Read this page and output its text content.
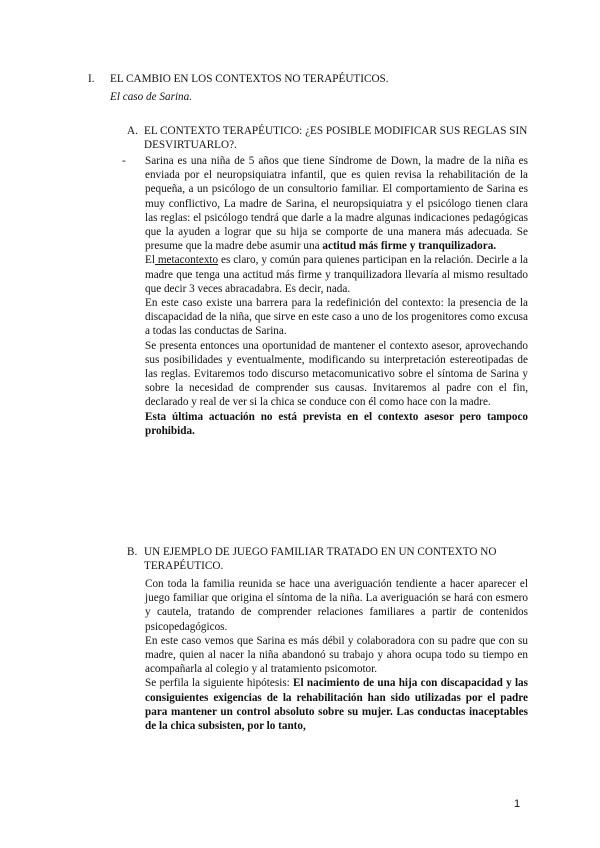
I. EL CAMBIO EN LOS CONTEXTOS NO TERAPÉUTICOS.
El caso de Sarina.
A. EL CONTEXTO TERAPÉUTICO: ¿ES POSIBLE MODIFICAR SUS REGLAS SIN DESVIRTUARLO?.
- Sarina es una niña de 5 años que tiene Síndrome de Down, la madre de la niña es enviada por el neuropsiquiatra infantil, que es quien revisa la rehabilitación de la pequeña, a un psicólogo de un consultorio familiar. El comportamiento de Sarina es muy conflictivo, La madre de Sarina, el neuropsiquiatra y el psicólogo tienen clara las reglas: el psicólogo tendrá que darle a la madre algunas indicaciones pedagógicas que la ayuden a lograr que su hija se comporte de una manera más adecuada. Se presume que la madre debe asumir una actitud más firme y tranquilizadora.

El metacontexto es claro, y común para quienes participan en la relación. Decirle a la madre que tenga una actitud más firme y tranquilizadora llevaría al mismo resultado que decir 3 veces abracadabra. Es decir, nada.

En este caso existe una barrera para la redefinición del contexto: la presencia de la discapacidad de la niña, que sirve en este caso a uno de los progenitores como excusa a todas las conductas de Sarina.

Se presenta entonces una oportunidad de mantener el contexto asesor, aprovechando sus posibilidades y eventualmente, modificando su interpretación estereotipadas de las reglas. Evitaremos todo discurso metacomunicativo sobre el síntoma de Sarina y sobre la necesidad de comprender sus causas. Invitaremos al padre con el fin, declarado y real de ver si la chica se conduce con él como hace con la madre.

Esta última actuación no está prevista en el contexto asesor pero tampoco prohibida.

B. UN EJEMPLO DE JUEGO FAMILIAR TRATADO EN UN CONTEXTO NO TERAPÉUTICO.

Con toda la familia reunida se hace una averiguación tendiente a hacer aparecer el juego familiar que origina el síntoma de la niña. La averiguación se hará con esmero y cautela, tratando de comprender relaciones familiares a partir de contenidos psicopedagógicos.

En este caso vemos que Sarina es más débil y colaboradora con su padre que con su madre, quien al nacer la niña abandonó su trabajo y ahora ocupa todo su tiempo en acompañarla al colegio y al tratamiento psicomotor.

Se perfila la siguiente hipótesis: El nacimiento de una hija con discapacidad y las consiguientes exigencias de la rehabilitación han sido utilizadas por el padre para mantener un control absoluto sobre su mujer. Las conductas inaceptables de la chica subsisten, por lo tanto,

1
